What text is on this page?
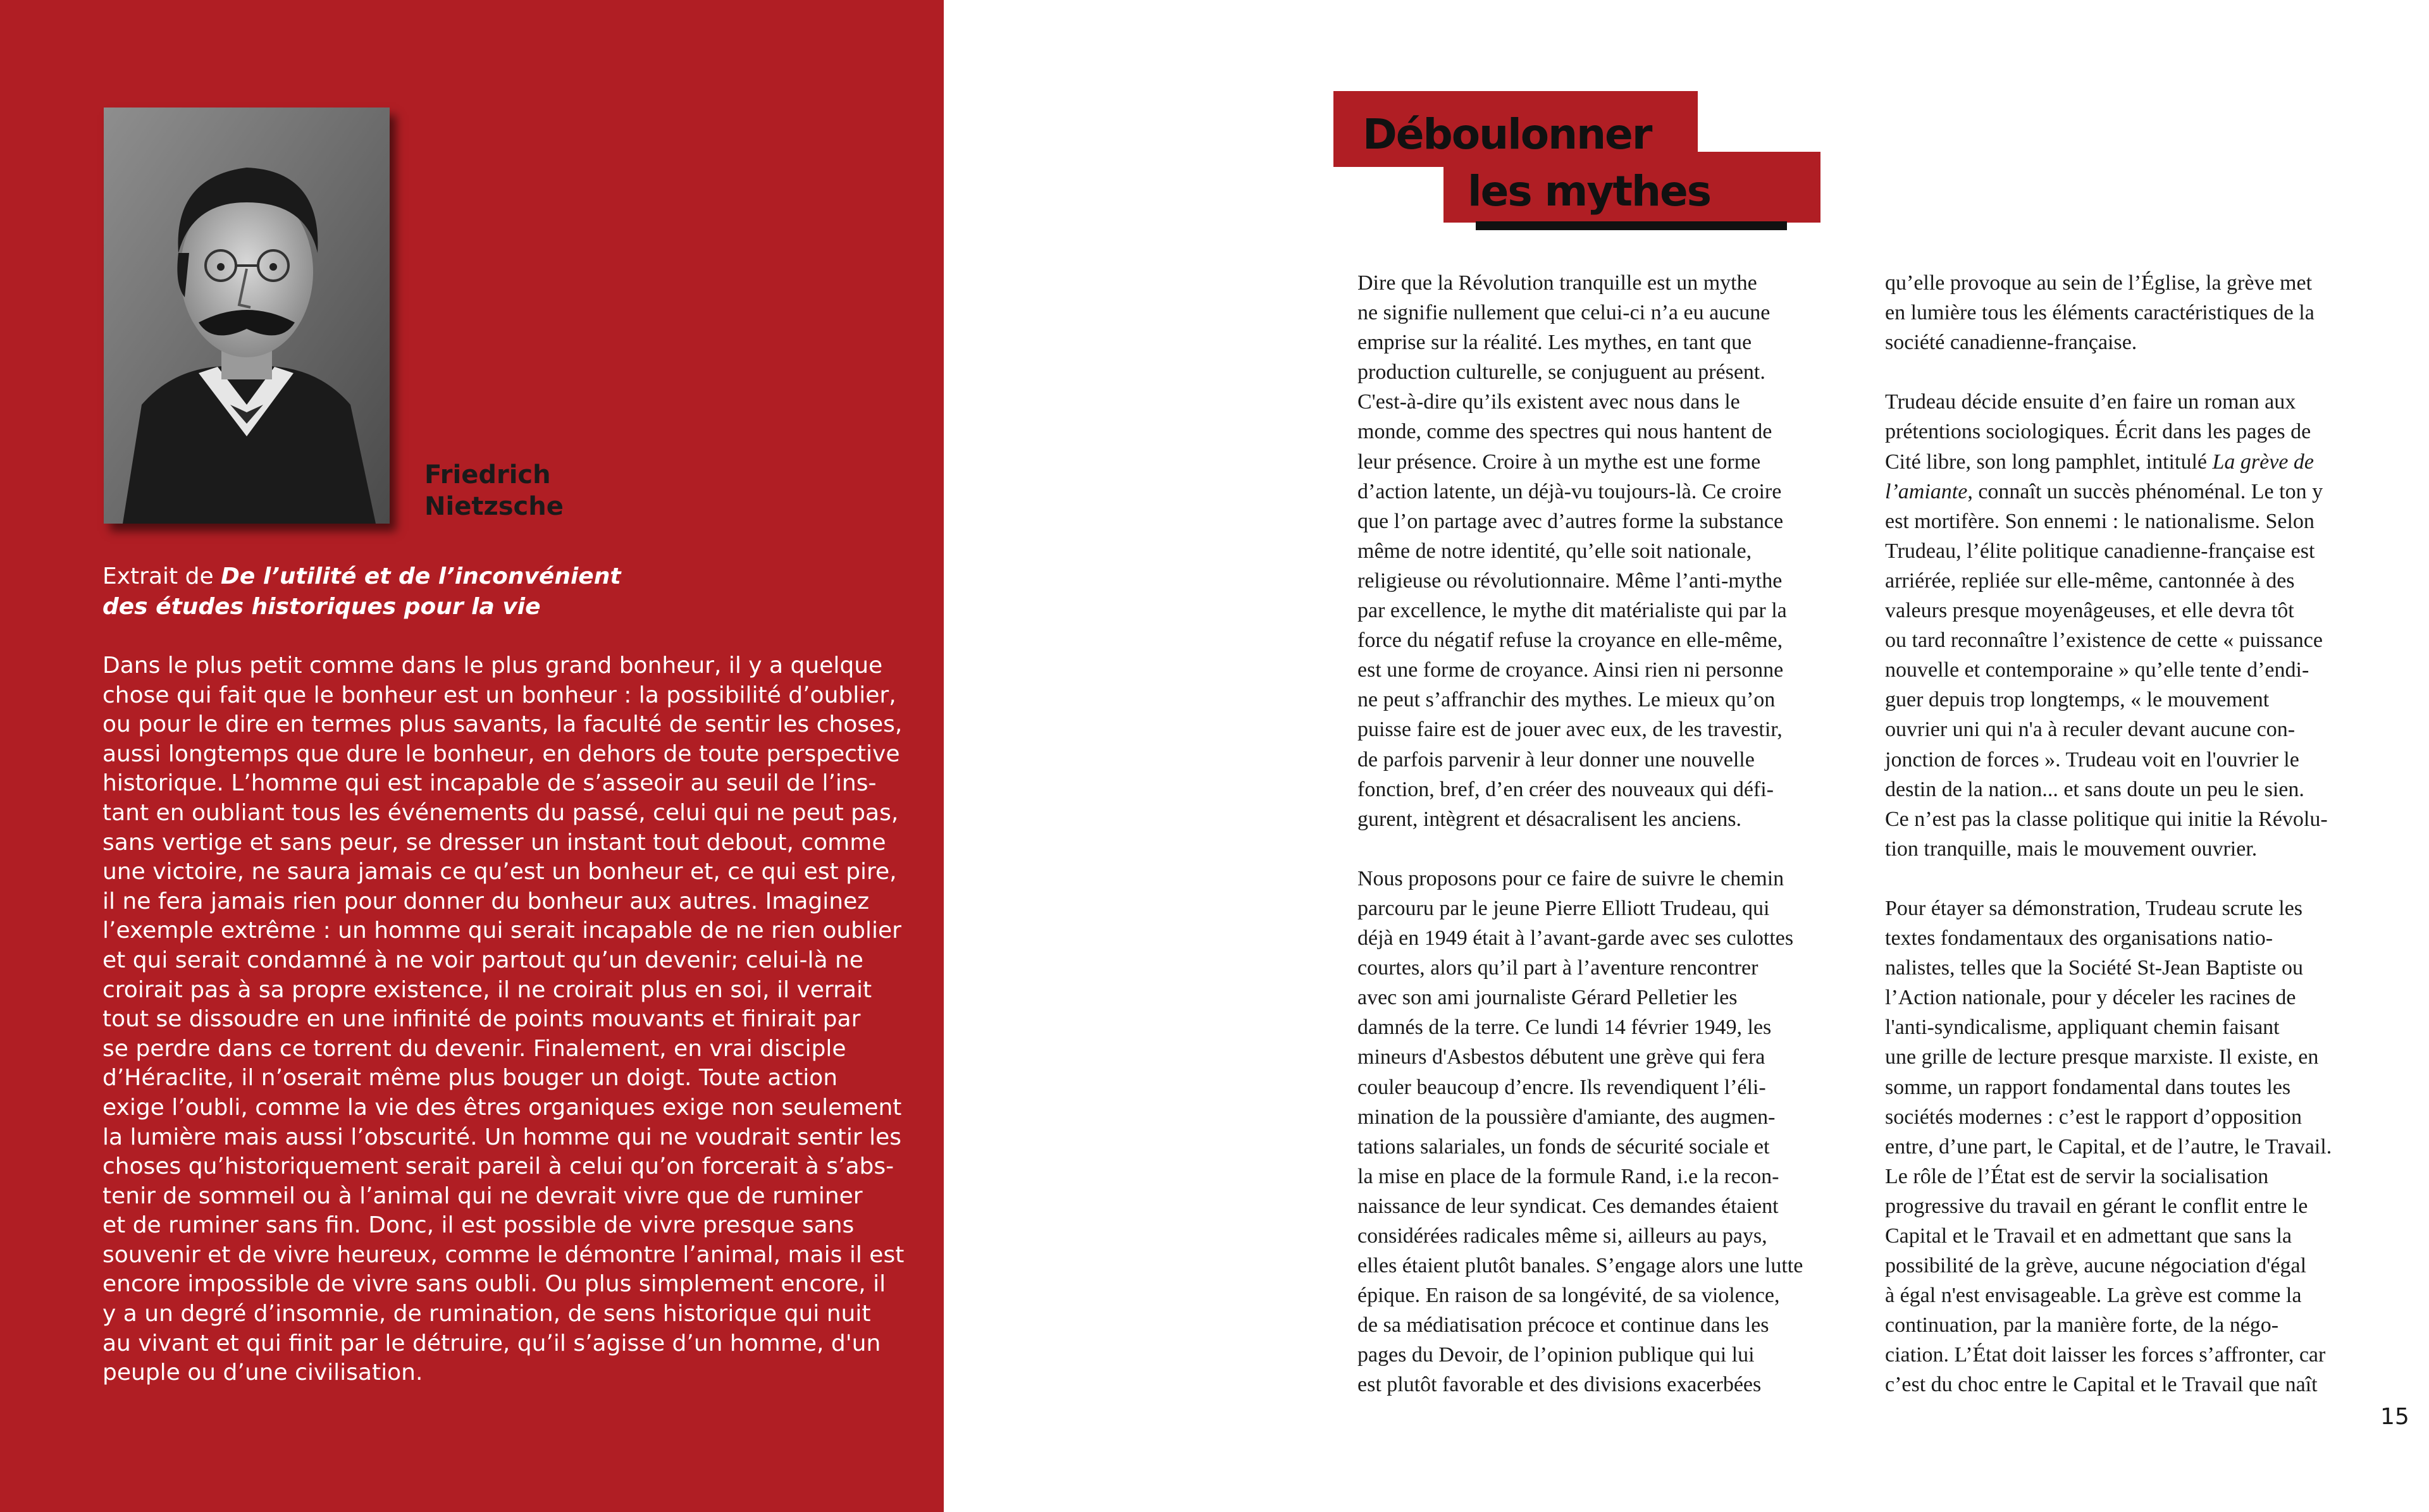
Friedrich
Nietzsche
Extrait de De l’utilité et de l’inconvénient
des études historiques pour la vie
Dans le plus petit comme dans le plus grand bonheur, il y a quelque
chose qui fait que le bonheur est un bonheur : la possibilité d’oublier,
ou pour le dire en termes plus savants, la faculté de sentir les choses,
aussi longtemps que dure le bonheur, en dehors de toute perspective
historique. L’homme qui est incapable de s’asseoir au seuil de l’ins-
tant en oubliant tous les événements du passé, celui qui ne peut pas,
sans vertige et sans peur, se dresser un instant tout debout, comme
une victoire, ne saura jamais ce qu’est un bonheur et, ce qui est pire,
il ne fera jamais rien pour donner du bonheur aux autres. Imaginez
l’exemple extrême : un homme qui serait incapable de ne rien oublier
et qui serait condamné à ne voir partout qu’un devenir; celui-là ne
croirait pas à sa propre existence, il ne croirait plus en soi, il verrait
tout se dissoudre en une infinité de points mouvants et finirait par
se perdre dans ce torrent du devenir. Finalement, en vrai disciple
d’Héraclite, il n’oserait même plus bouger un doigt. Toute action
exige l’oubli, comme la vie des êtres organiques exige non seulement
la lumière mais aussi l’obscurité. Un homme qui ne voudrait sentir les
choses qu’historiquement serait pareil à celui qu’on forcerait à s’abs-
tenir de sommeil ou à l’animal qui ne devrait vivre que de ruminer
et de ruminer sans fin. Donc, il est possible de vivre presque sans
souvenir et de vivre heureux, comme le démontre l’animal, mais il est
encore impossible de vivre sans oubli. Ou plus simplement encore, il
y a un degré d’insomnie, de rumination, de sens historique qui nuit
au vivant et qui finit par le détruire, qu’il s’agisse d’un homme, d'un
peuple ou d’une civilisation.
Déboulonner
les mythes
Dire que la Révolution tranquille est un mythe
ne signifie nullement que celui-ci n’a eu aucune
emprise sur la réalité. Les mythes, en tant que
production culturelle, se conjuguent au présent.
C'est-à-dire qu’ils existent avec nous dans le
monde, comme des spectres qui nous hantent de
leur présence. Croire à un mythe est une forme
d’action latente, un déjà-vu toujours-là. Ce croire
que l’on partage avec d’autres forme la substance
même de notre identité, qu’elle soit nationale,
religieuse ou révolutionnaire. Même l’anti-mythe
par excellence, le mythe dit matérialiste qui par la
force du négatif refuse la croyance en elle-même,
est une forme de croyance. Ainsi rien ni personne
ne peut s’affranchir des mythes. Le mieux qu’on
puisse faire est de jouer avec eux, de les travestir,
de parfois parvenir à leur donner une nouvelle
fonction, bref, d’en créer des nouveaux qui défi-
gurent, intègrent et désacralisent les anciens.
Nous proposons pour ce faire de suivre le chemin
parcouru par le jeune Pierre Elliott Trudeau, qui
déjà en 1949 était à l’avant-garde avec ses culottes
courtes, alors qu’il part à l’aventure rencontrer
avec son ami journaliste Gérard Pelletier les
damnés de la terre. Ce lundi 14 février 1949, les
mineurs d'Asbestos débutent une grève qui fera
couler beaucoup d’encre. Ils revendiquent l’éli-
mination de la poussière d'amiante, des augmen-
tations salariales, un fonds de sécurité sociale et
la mise en place de la formule Rand, i.e la recon-
naissance de leur syndicat. Ces demandes étaient
considérées radicales même si, ailleurs au pays,
elles étaient plutôt banales. S’engage alors une lutte
épique. En raison de sa longévité, de sa violence,
de sa médiatisation précoce et continue dans les
pages du Devoir, de l’opinion publique qui lui
est plutôt favorable et des divisions exacerbées
qu’elle provoque au sein de l’Église, la grève met
en lumière tous les éléments caractéristiques de la
société canadienne-française.
Trudeau décide ensuite d’en faire un roman aux
prétentions sociologiques. Écrit dans les pages de
Cité libre, son long pamphlet, intitulé La grève de
l’amiante, connaît un succès phénoménal. Le ton y
est mortifère. Son ennemi : le nationalisme. Selon
Trudeau, l’élite politique canadienne-française est
arriérée, repliée sur elle-même, cantonnée à des
valeurs presque moyenâgeuses, et elle devra tôt
ou tard reconnaître l’existence de cette « puissance
nouvelle et contemporaine » qu’elle tente d’endi-
guer depuis trop longtemps, « le mouvement
ouvrier uni qui n'a à reculer devant aucune con-
jonction de forces ». Trudeau voit en l'ouvrier le
destin de la nation... et sans doute un peu le sien.
Ce n’est pas la classe politique qui initie la Révolu-
tion tranquille, mais le mouvement ouvrier.
Pour étayer sa démonstration, Trudeau scrute les
textes fondamentaux des organisations natio-
nalistes, telles que la Société St-Jean Baptiste ou
l’Action nationale, pour y déceler les racines de
l'anti-syndicalisme, appliquant chemin faisant
une grille de lecture presque marxiste. Il existe, en
somme, un rapport fondamental dans toutes les
sociétés modernes : c’est le rapport d’opposition
entre, d’une part, le Capital, et de l’autre, le Travail.
Le rôle de l’État est de servir la socialisation
progressive du travail en gérant le conflit entre le
Capital et le Travail et en admettant que sans la
possibilité de la grève, aucune négociation d'égal
à égal n'est envisageable. La grève est comme la
continuation, par la manière forte, de la négo-
ciation. L’État doit laisser les forces s’affronter, car
c’est du choc entre le Capital et le Travail que naît
15
